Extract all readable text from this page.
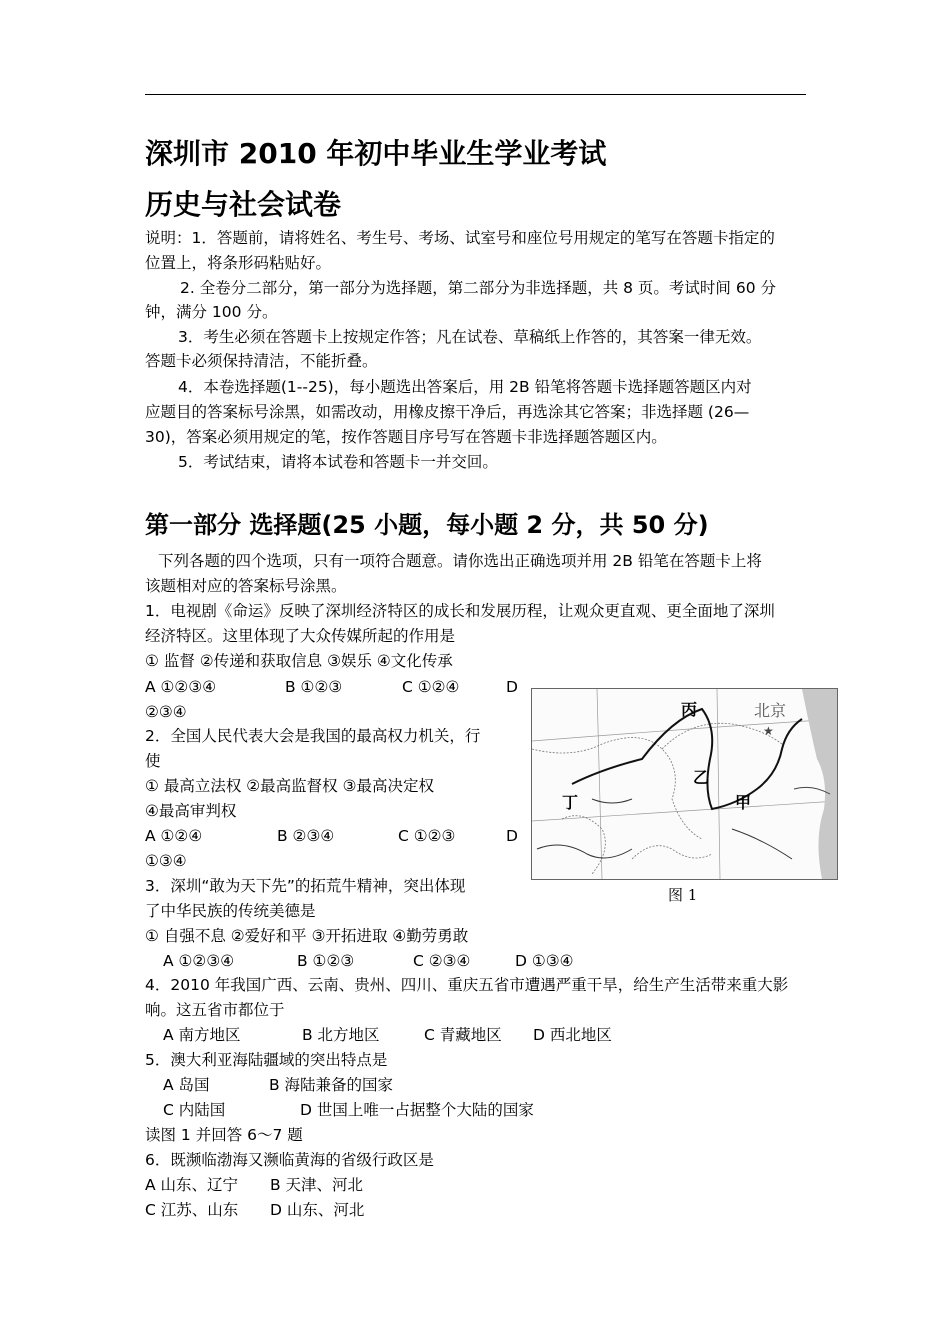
深圳市 2010 年初中毕业生学业考试
历史与社会试卷
说明：1．答题前，请将姓名、考生号、考场、试室号和座位号用规定的笔写在答题卡指定的
位置上，将条形码粘贴好。
2. 全卷分二部分，第一部分为选择题，第二部分为非选择题，共 8 页。考试时间 60 分
钟，满分 100 分。
3．考生必须在答题卡上按规定作答；凡在试卷、草稿纸上作答的，其答案一律无效。
答题卡必须保持清洁，不能折叠。
4．本卷选择题(1--25)，每小题选出答案后，用 2B 铅笔将答题卡选择题答题区内对
应题目的答案标号涂黑，如需改动，用橡皮擦干净后，再选涂其它答案；非选择题 (26—
30)，答案必须用规定的笔，按作答题目序号写在答题卡非选择题答题区内。
5．考试结束，请将本试卷和答题卡一并交回。
第一部分 选择题(25 小题，每小题 2 分，共 50 分)
下列各题的四个选项，只有一项符合题意。请你选出正确选项并用 2B 铅笔在答题卡上将
该题相对应的答案标号涂黑。
1．电视剧《命运》反映了深圳经济特区的成长和发展历程，让观众更直观、更全面地了深圳
经济特区。这里体现了大众传媒所起的作用是
① 监督 ②传递和获取信息 ③娱乐 ④文化传承
A ①②③④	B ①②③	C ①②④	D
②③④
2．全国人民代表大会是我国的最高权力机关，行
使
① 最高立法权 ②最高监督权 ③最高决定权
④最高审判权
A ①②④	B ②③④	C ①②③	D
①③④
3．深圳“敢为天下先”的拓荒牛精神，突出体现
了中华民族的传统美德是
① 自强不息 ②爱好和平 ③开拓进取 ④勤劳勇敢
A ①②③④	B ①②③	C ②③④	D ①③④
4．2010 年我国广西、云南、贵州、四川、重庆五省市遭遇严重干旱，给生产生活带来重大影
响。这五省市都位于
A 南方地区	B 北方地区	C 青藏地区 D 西北地区
5．澳大利亚海陆疆域的突出特点是
A 岛国	B 海陆兼备的国家
C 内陆国	D 世国上唯一占据整个大陆的国家
读图 1 并回答 6～7 题
6．既濒临渤海又濒临黄海的省级行政区是
A 山东、辽宁 B 天津、河北
C 江苏、山东 D 山东、河北
★
丙	北京
乙
丁	甲
图 1
